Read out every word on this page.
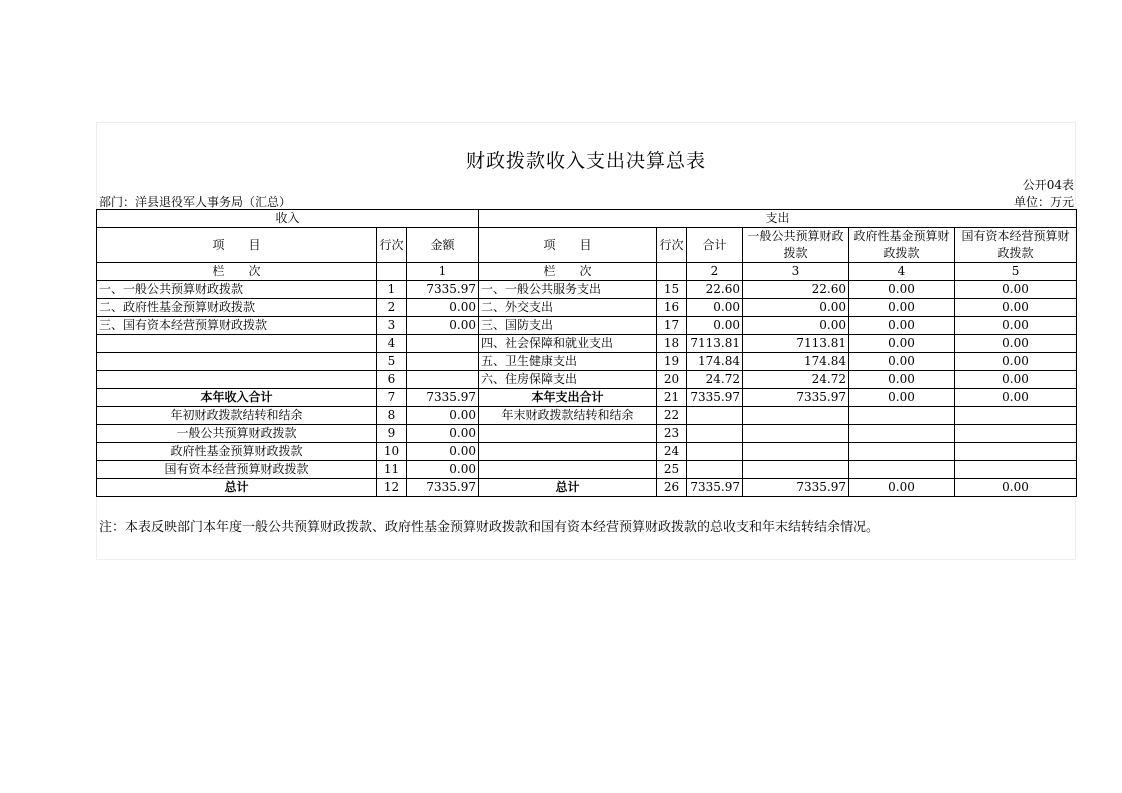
财政拨款收入支出决算总表
公开04表
部门：洋县退役军人事务局（汇总）	单位：万元
收入			支出					
项　　目	行次	金额	项　　目	行次	合计	一般公共预算财政拨款	政府性基金预算财政拨款	国有资本经营预算财政拨款
栏　　次		1	栏　　次		2	3	4	5
一、一般公共预算财政拨款	1	7335.97	一、一般公共服务支出	15	22.60	22.60	0.00	0.00
二、政府性基金预算财政拨款	2	0.00	二、外交支出	16	0.00	0.00	0.00	0.00
三、国有资本经营预算财政拨款	3	0.00	三、国防支出	17	0.00	0.00	0.00	0.00
	4		四、社会保障和就业支出	18	7113.81	7113.81	0.00	0.00
	5		五、卫生健康支出	19	174.84	174.84	0.00	0.00
	6		六、住房保障支出	20	24.72	24.72	0.00	0.00
本年收入合计	7	7335.97	本年支出合计	21	7335.97	7335.97	0.00	0.00
年初财政拨款结转和结余	8	0.00	年末财政拨款结转和结余	22				
一般公共预算财政拨款	9	0.00		23				
政府性基金预算财政拨款	10	0.00		24				
国有资本经营预算财政拨款	11	0.00		25				
总计	12	7335.97	总计	26	7335.97	7335.97	0.00	0.00
注：本表反映部门本年度一般公共预算财政拨款、政府性基金预算财政拨款和国有资本经营预算财政拨款的总收支和年末结转结余情况。
